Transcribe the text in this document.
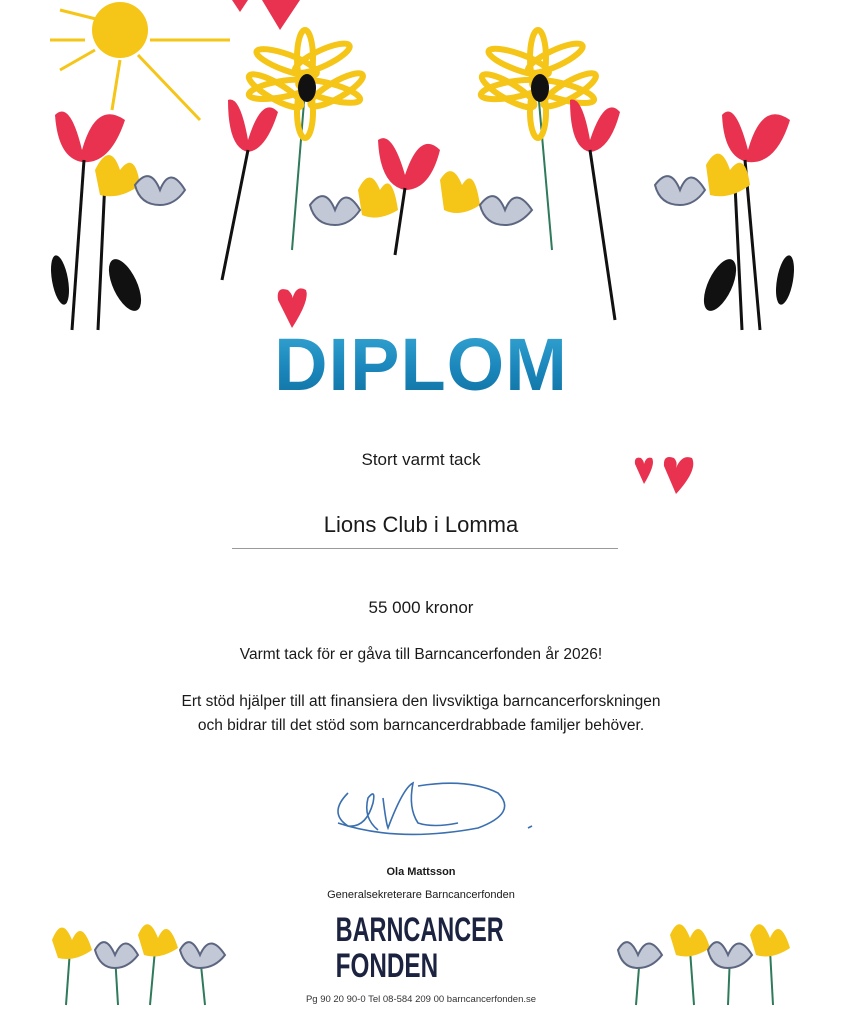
DIPLOM
Stort varmt tack
Lions Club i Lomma
55 000 kronor
Varmt tack för er gåva till Barncancerfonden år 2026!
Ert stöd hjälper till att finansiera den livsviktiga barncancerforskningen
och bidrar till det stöd som barncancerdrabbade familjer behöver.
Ola Mattsson
Generalsekreterare Barncancerfonden
BARNCANCER
FONDEN
Pg 90 20 90-0 Tel 08-584 209 00 barncancerfonden.se
